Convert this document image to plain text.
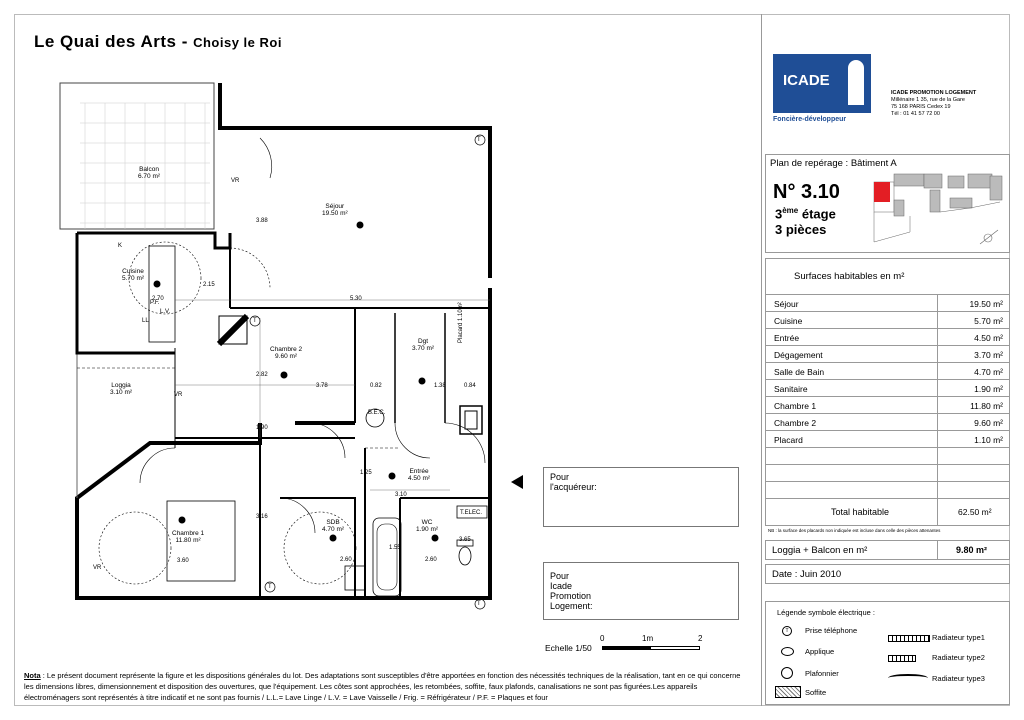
Le Quai des Arts - Choisy le Roi
Balcon
6.70 m²
Séjour
19.50 m²
Cuisine
5.70 m²
Chambre 2
9.60 m²
Dgt
3.70 m²
Loggia
3.10 m²
Entrée
4.50 m²
Chambre 1
11.80 m²
SDB
4.70 m²
WC
1.90 m²
Placard 1.10m²
B.E.C.
T.ELEC.
L.V.
T
T
T
T
VR
VR
VR
K
LL
P.F.
5.30
2.70
3.60
2.15
3.88
2.82
3.78	0.82	1.38	0.84
3.16
1.25
2.60
3.10
2.60
1.55
1.90
3.65
Pour
l'acquéreur:
Pour
Icade
Promotion
Logement:
0	1m	2
Echelle 1/50
Nota : Le présent document représente la figure et les dispositions générales du lot. Des adaptations sont susceptibles d'être apportées en fonction des nécessités techniques de la réalisation, tant en ce qui concerne les dimensions libres, dimensionnement et disposition des ouvertures, que l'équipement. Les côtes sont approchées, les retombées, soffite, faux plafonds, canalisations ne sont pas figurées.Les appareils électroménagers sont représentés à titre indicatif et ne sont pas fournis / L.L.= Lave Linge / L.V. = Lave Vaisselle / Frig. = Réfrigérateur / P.F. = Plaques et four
ICADE
Foncière-développeur
ICADE PROMOTION LOGEMENT
Millénaire 1 35, rue de la Gare
75 168 PARIS Cedex 19
Tél : 01 41 57 72 00
Plan de repérage : Bâtiment A
N° 3.10
3ème étage
3 pièces
Surfaces habitables en m²
Séjour	19.50 m²
Cuisine	5.70 m²
Entrée	4.50 m²
Dégagement	3.70 m²
Salle de Bain	4.70 m²
Sanitaire	1.90 m²
Chambre 1	11.80 m²
Chambre 2	9.60 m²
Placard	1.10 m²
Total habitable	62.50 m²
NB : la surface des placards non indiquée est incluse dans celle des pièces attenantes
Loggia + Balcon en m²	9.80 m²
Date : Juin 2010
Légende symbole électrique :
T	Prise téléphone
Applique
Plafonnier
Soffite
Radiateur type1
Radiateur type2
Radiateur type3
